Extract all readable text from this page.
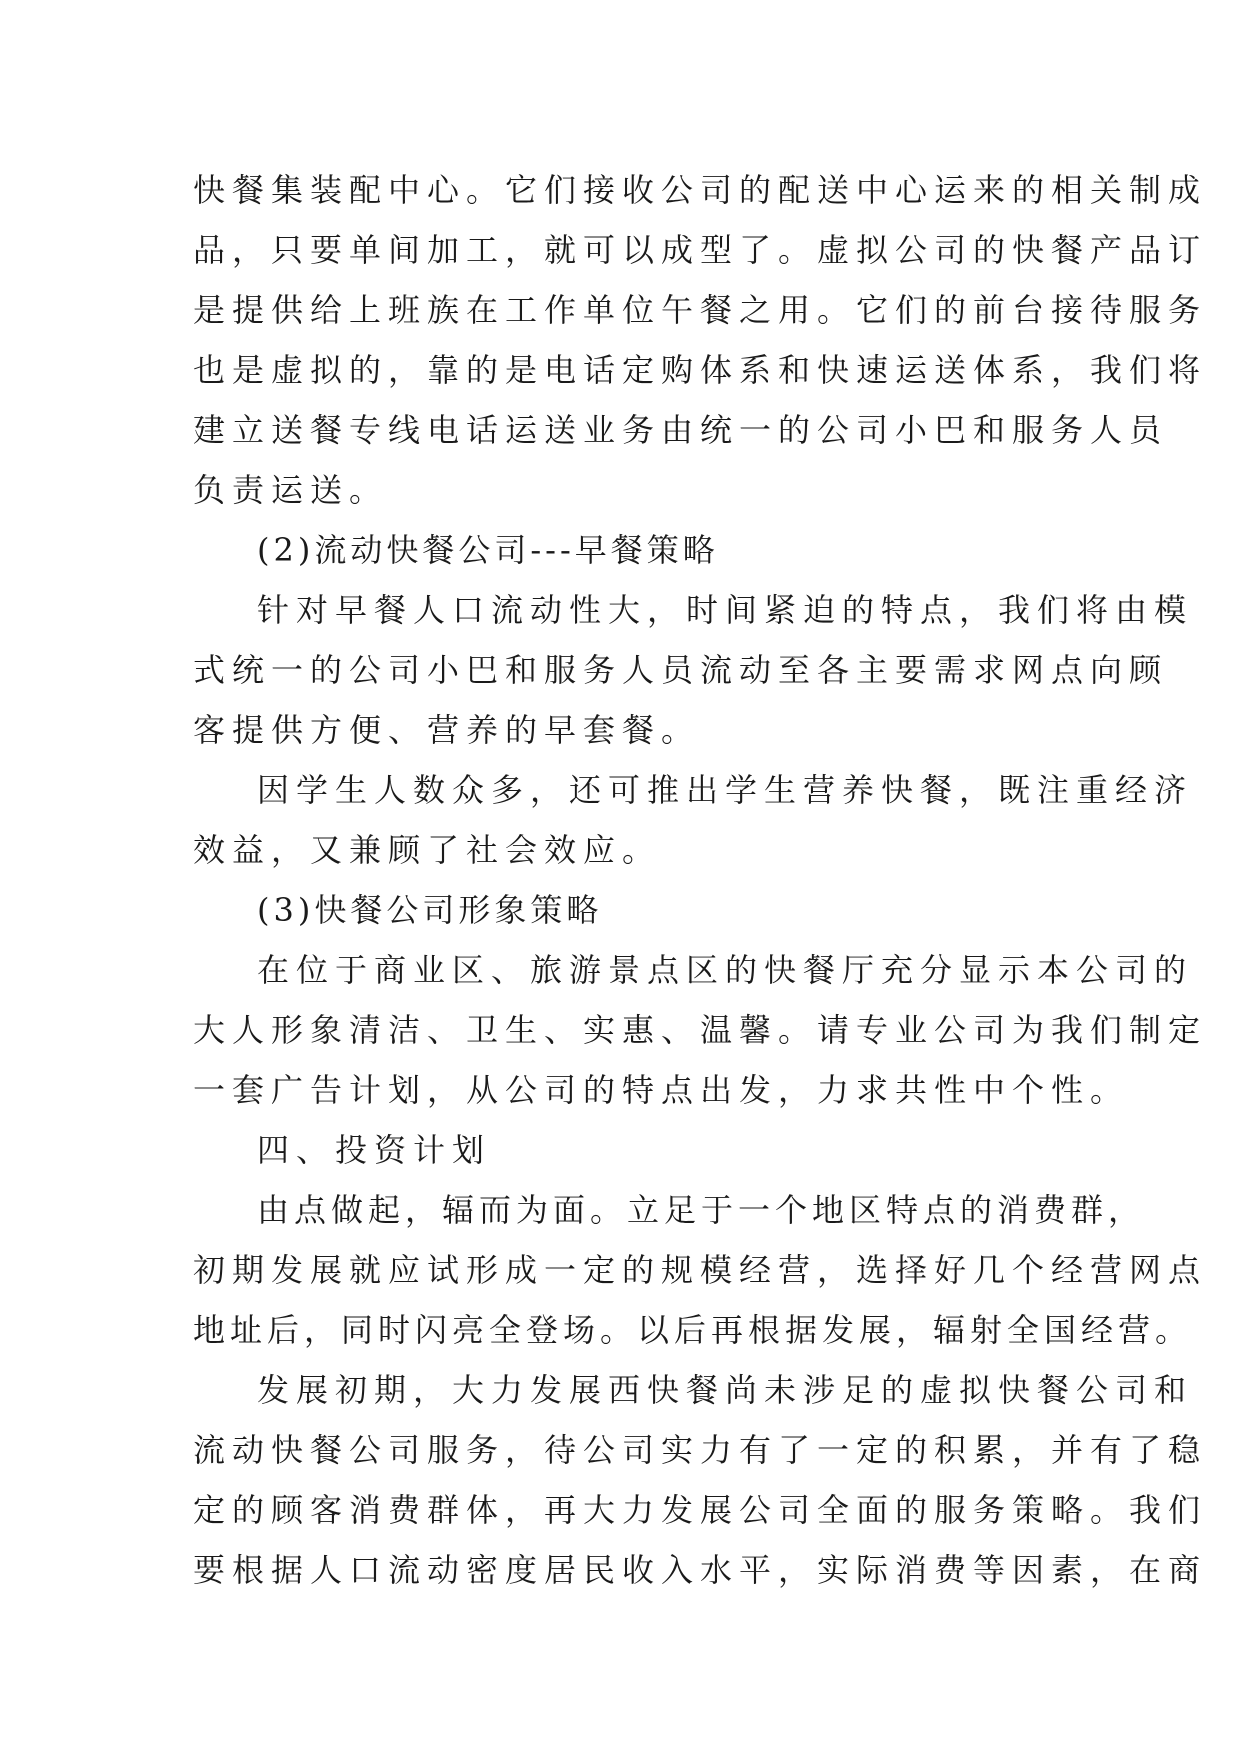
快餐集装配中心。它们接收公司的配送中心运来的相关制成
品，只要单间加工，就可以成型了。虚拟公司的快餐产品订
是提供给上班族在工作单位午餐之用。它们的前台接待服务
也是虚拟的，靠的是电话定购体系和快速运送体系，我们将
建立送餐专线电话运送业务由统一的公司小巴和服务人员
负责运送。
(2)流动快餐公司---早餐策略
针对早餐人口流动性大，时间紧迫的特点，我们将由模
式统一的公司小巴和服务人员流动至各主要需求网点向顾
客提供方便、营养的早套餐。
因学生人数众多，还可推出学生营养快餐，既注重经济
效益，又兼顾了社会效应。
(3)快餐公司形象策略
在位于商业区、旅游景点区的快餐厅充分显示本公司的
大人形象清洁、卫生、实惠、温馨。请专业公司为我们制定
一套广告计划，从公司的特点出发，力求共性中个性。
四、投资计划
由点做起，辐而为面。立足于一个地区特点的消费群，
初期发展就应试形成一定的规模经营，选择好几个经营网点
地址后，同时闪亮全登场。以后再根据发展，辐射全国经营。
发展初期，大力发展西快餐尚未涉足的虚拟快餐公司和
流动快餐公司服务，待公司实力有了一定的积累，并有了稳
定的顾客消费群体，再大力发展公司全面的服务策略。我们
要根据人口流动密度居民收入水平，实际消费等因素，在商
